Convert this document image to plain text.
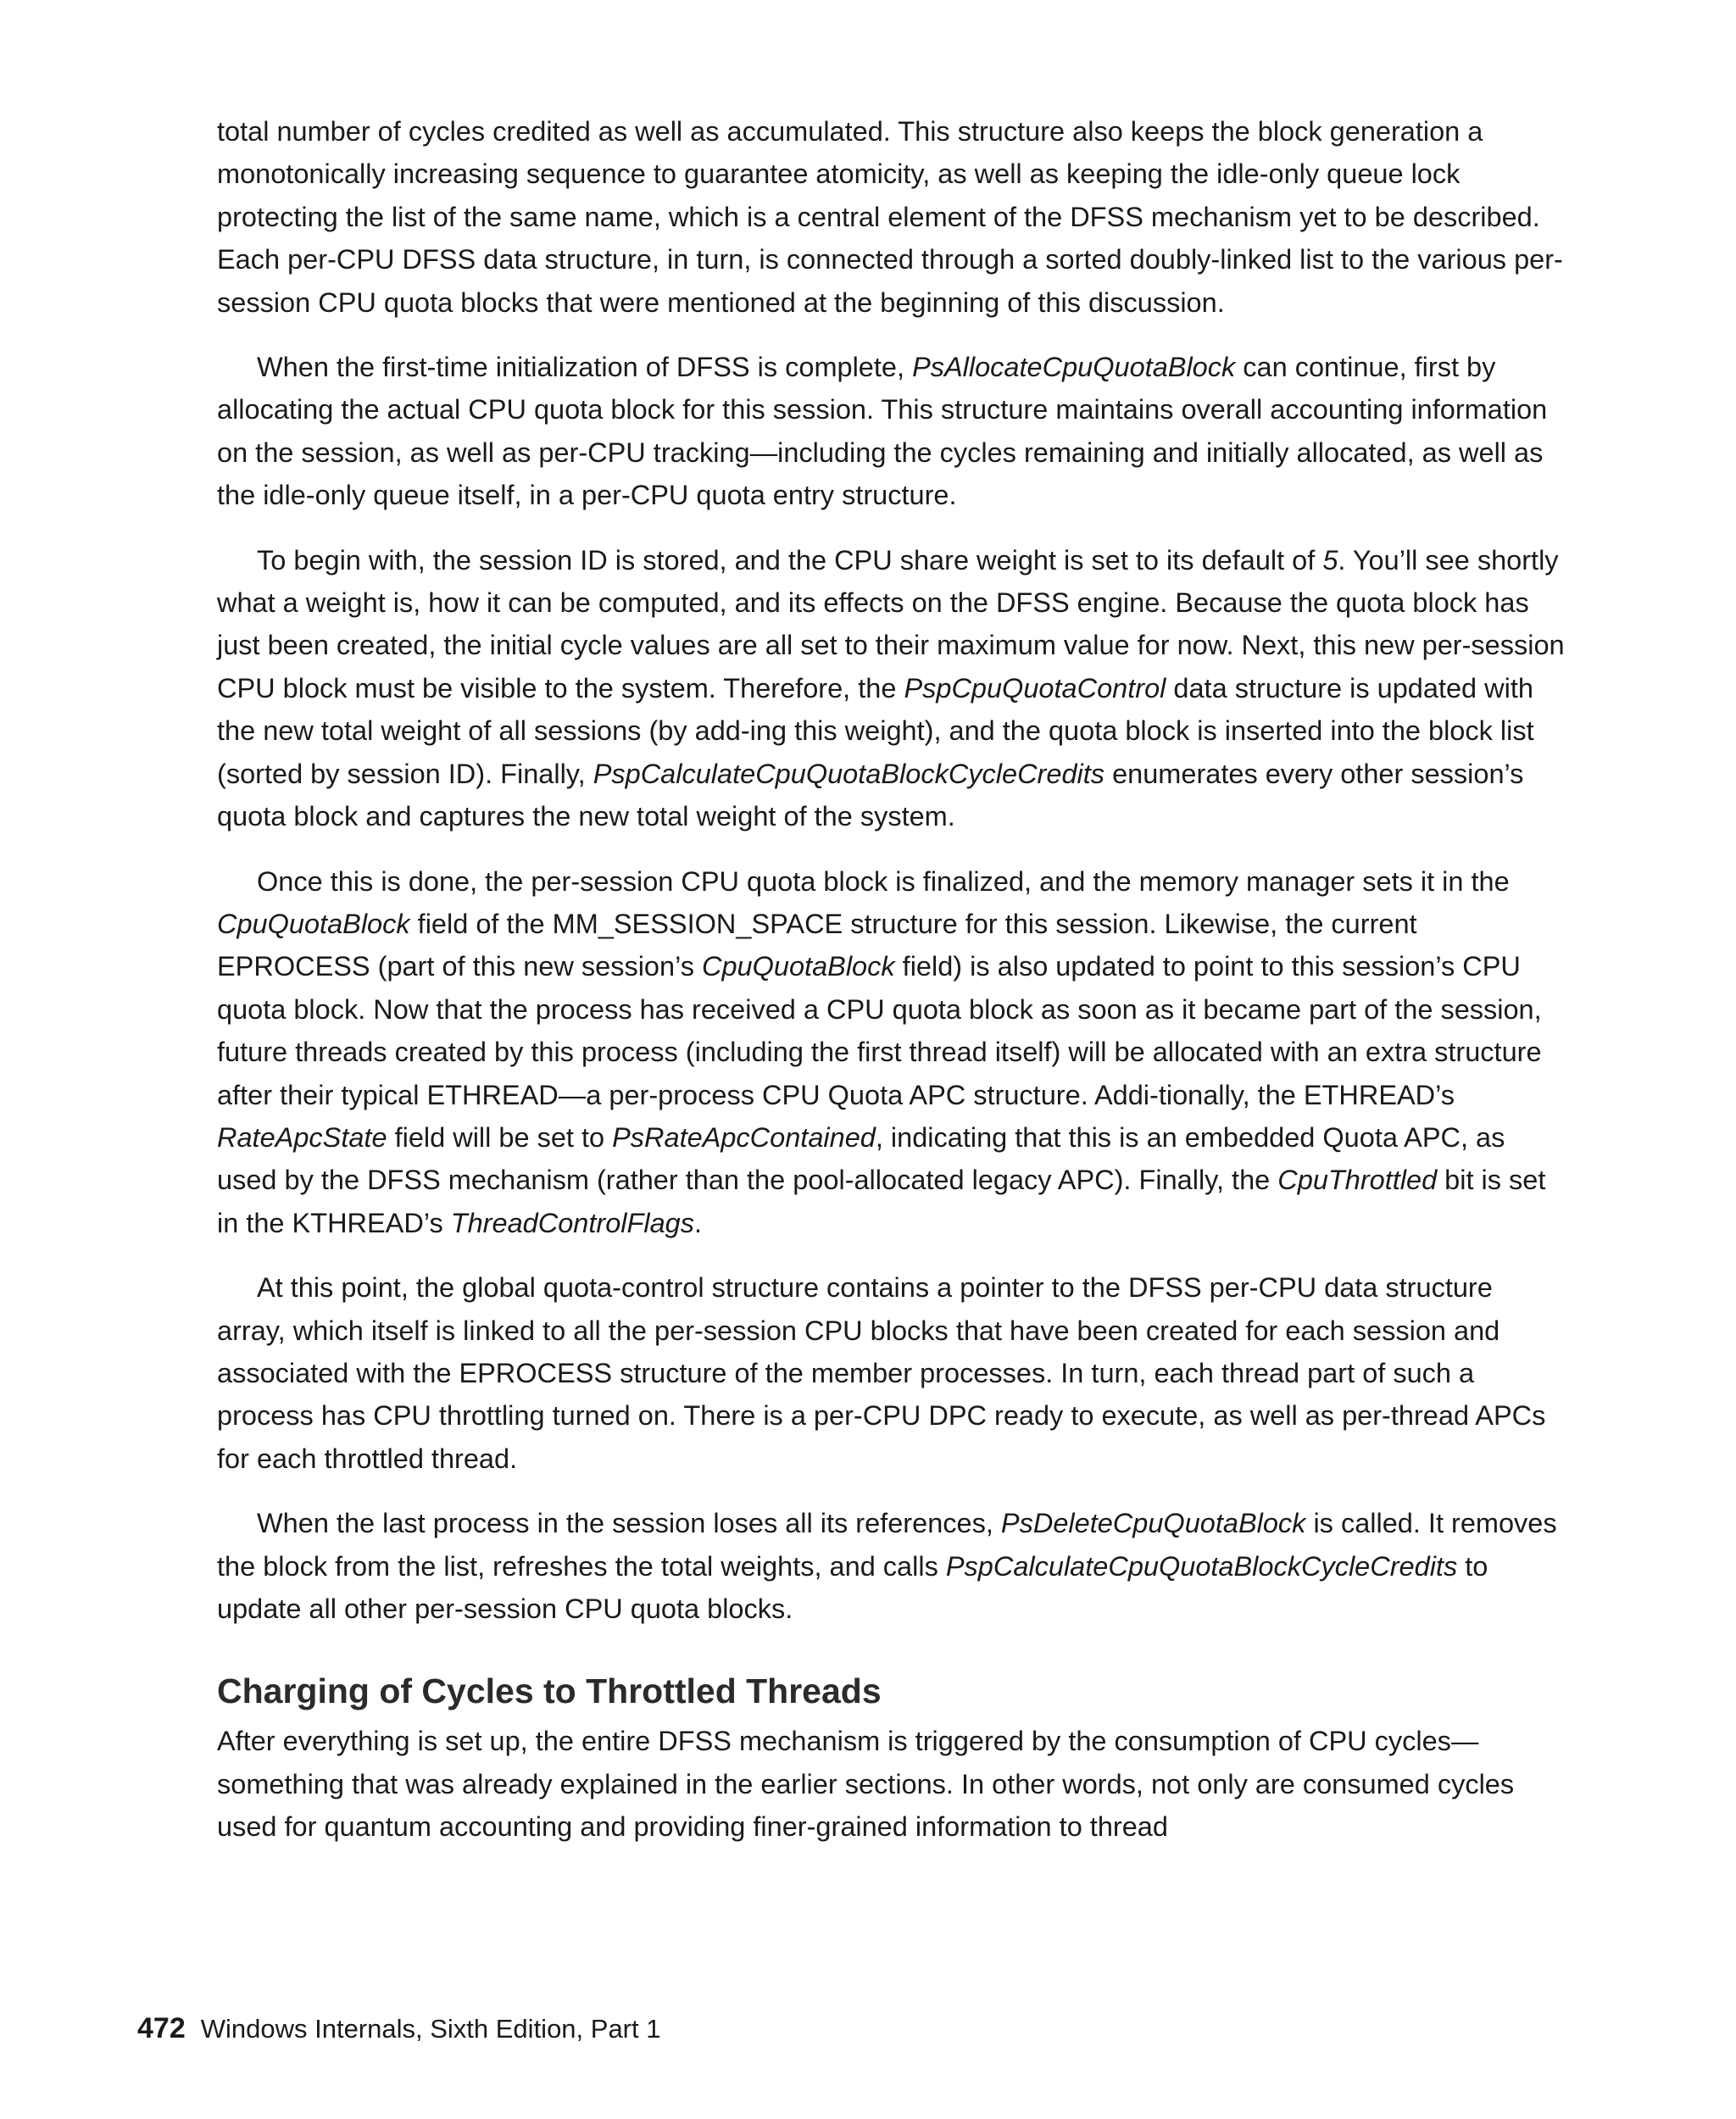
total number of cycles credited as well as accumulated. This structure also keeps the block generation a monotonically increasing sequence to guarantee atomicity, as well as keeping the idle-only queue lock protecting the list of the same name, which is a central element of the DFSS mechanism yet to be described. Each per-CPU DFSS data structure, in turn, is connected through a sorted doubly-linked list to the various per-session CPU quota blocks that were mentioned at the beginning of this discussion.

When the first-time initialization of DFSS is complete, PsAllocateCpuQuotaBlock can continue, first by allocating the actual CPU quota block for this session. This structure maintains overall accounting information on the session, as well as per-CPU tracking—including the cycles remaining and initially allocated, as well as the idle-only queue itself, in a per-CPU quota entry structure.

To begin with, the session ID is stored, and the CPU share weight is set to its default of 5. You’ll see shortly what a weight is, how it can be computed, and its effects on the DFSS engine. Because the quota block has just been created, the initial cycle values are all set to their maximum value for now. Next, this new per-session CPU block must be visible to the system. Therefore, the PspCpuQuotaControl data structure is updated with the new total weight of all sessions (by add-ing this weight), and the quota block is inserted into the block list (sorted by session ID). Finally, PspCalculateCpuQuotaBlockCycleCredits enumerates every other session’s quota block and captures the new total weight of the system.

Once this is done, the per-session CPU quota block is finalized, and the memory manager sets it in the CpuQuotaBlock field of the MM_SESSION_SPACE structure for this session. Likewise, the current EPROCESS (part of this new session’s CpuQuotaBlock field) is also updated to point to this session’s CPU quota block. Now that the process has received a CPU quota block as soon as it became part of the session, future threads created by this process (including the first thread itself) will be allocated with an extra structure after their typical ETHREAD—a per-process CPU Quota APC structure. Addi-tionally, the ETHREAD’s RateApcState field will be set to PsRateApcContained, indicating that this is an embedded Quota APC, as used by the DFSS mechanism (rather than the pool-allocated legacy APC). Finally, the CpuThrottled bit is set in the KTHREAD’s ThreadControlFlags.

At this point, the global quota-control structure contains a pointer to the DFSS per-CPU data structure array, which itself is linked to all the per-session CPU blocks that have been created for each session and associated with the EPROCESS structure of the member processes. In turn, each thread part of such a process has CPU throttling turned on. There is a per-CPU DPC ready to execute, as well as per-thread APCs for each throttled thread.

When the last process in the session loses all its references, PsDeleteCpuQuotaBlock is called. It removes the block from the list, refreshes the total weights, and calls PspCalculateCpuQuotaBlockCycleCredits to update all other per-session CPU quota blocks.

Charging of Cycles to Throttled Threads

After everything is set up, the entire DFSS mechanism is triggered by the consumption of CPU cycles—something that was already explained in the earlier sections. In other words, not only are consumed cycles used for quantum accounting and providing finer-grained information to thread

472 Windows Internals, Sixth Edition, Part 1
